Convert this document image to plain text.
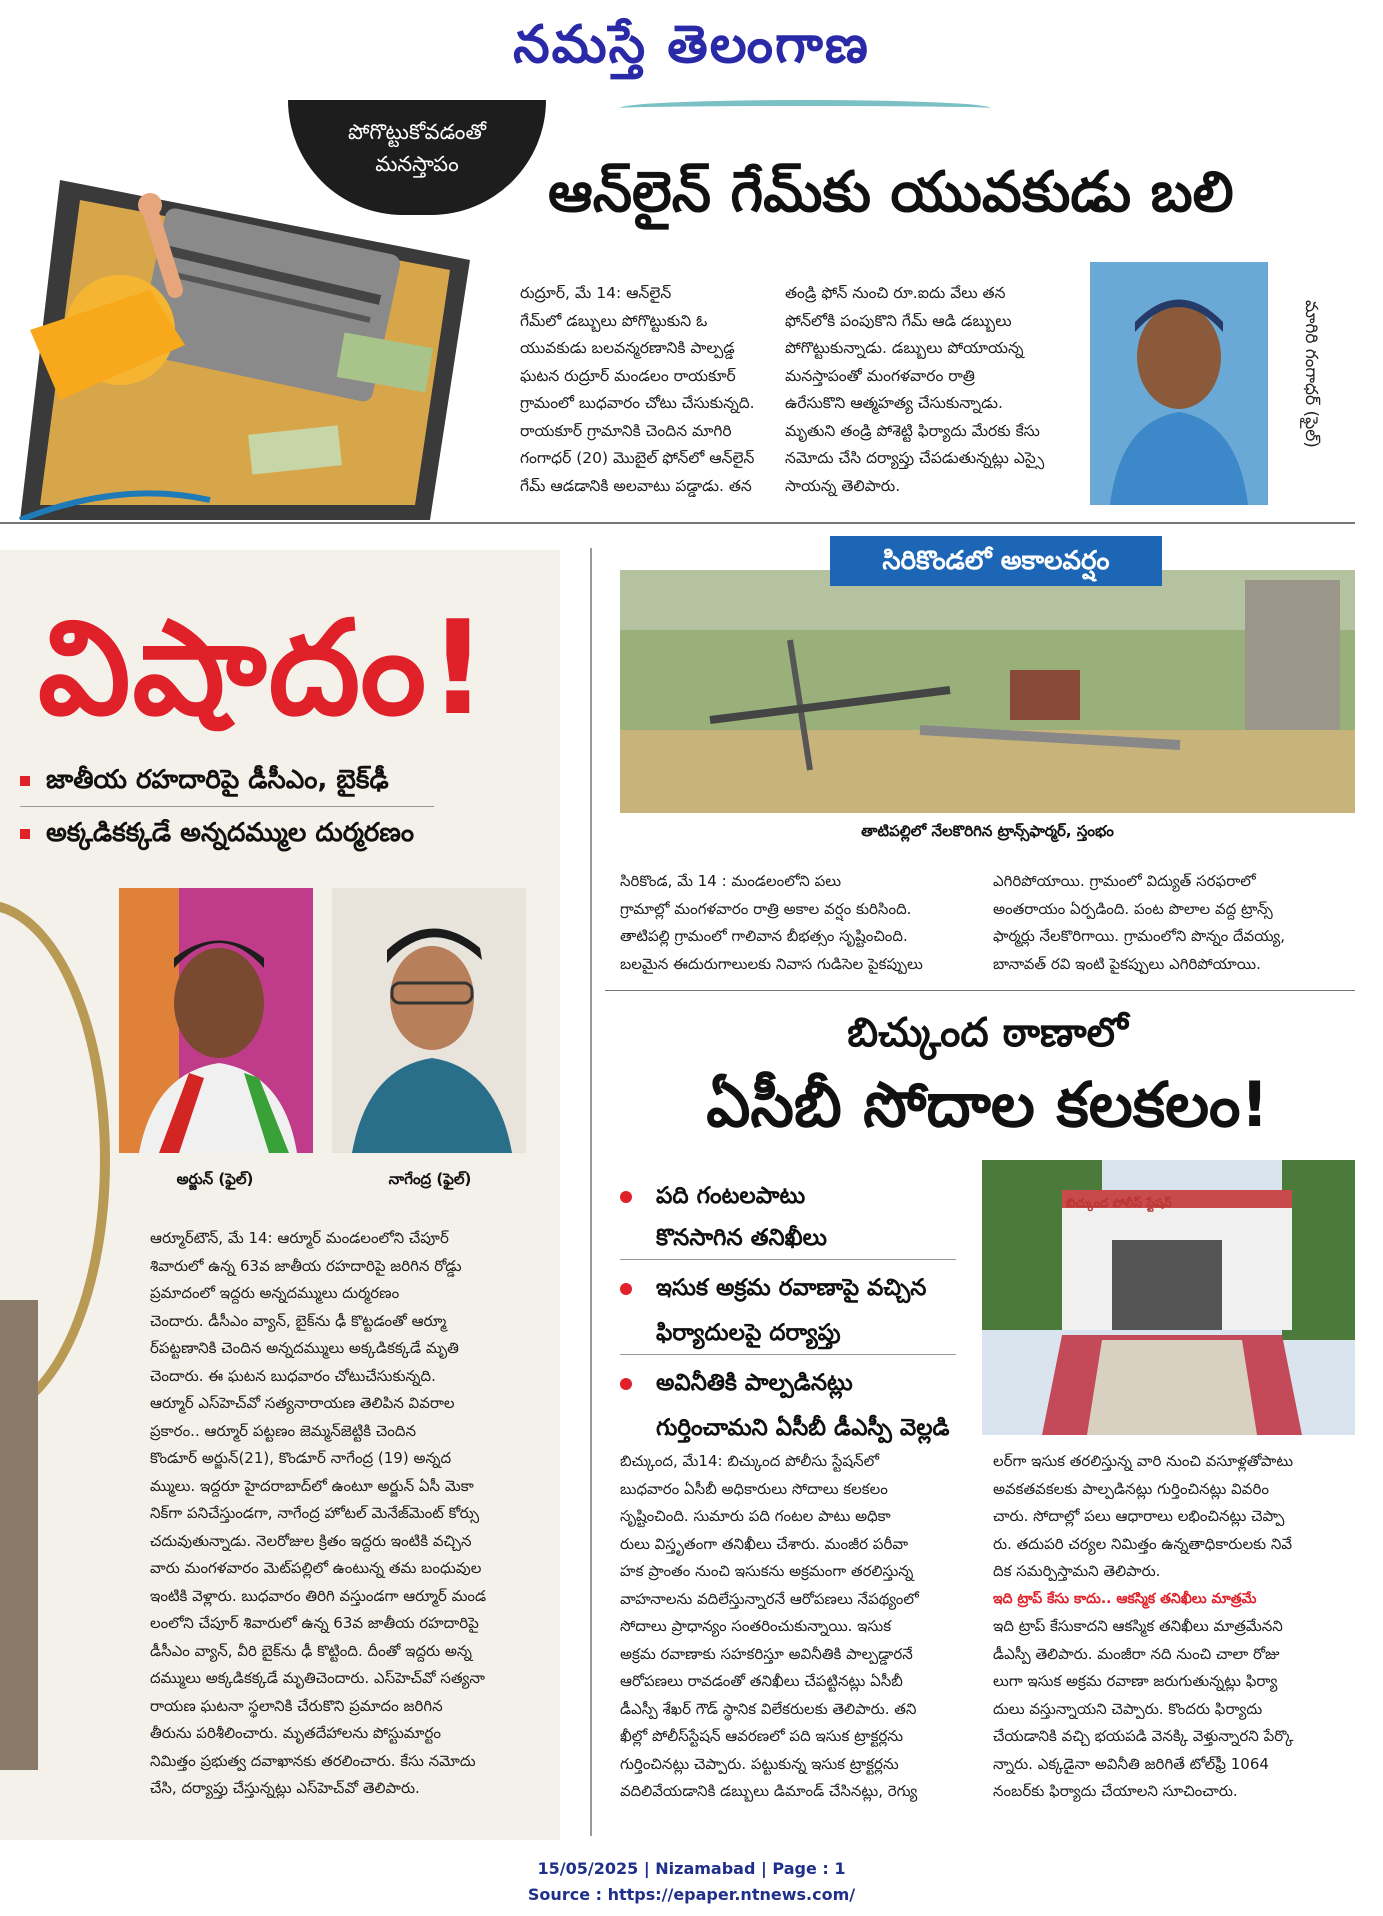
నమస్తే తెలంగాణ
పోగొట్టుకోవడంతో
మనస్తాపం	ఆన్‌లైన్ గేమ్‌కు యువకుడు బలి
రుద్రూర్, మే 14: ఆన్‌లైన్
గేమ్‌లో డబ్బులు పోగొట్టుకుని ఓ
యువకుడు బలవన్మరణానికి పాల్పడ్డ
ఘటన రుద్రూర్ మండలం రాయకూర్
గ్రామంలో బుధవారం చోటు చేసుకున్నది.
రాయకూర్ గ్రామానికి చెందిన మాగిరి
గంగాధర్ (20) మొబైల్ ఫోన్‌లో ఆన్‌లైన్
గేమ్ ఆడడానికి అలవాటు పడ్డాడు. తన
తండ్రి ఫోన్ నుంచి రూ.ఐదు వేలు తన
ఫోన్‌లోకి పంపుకొని గేమ్ ఆడి డబ్బులు
పోగొట్టుకున్నాడు. డబ్బులు పోయాయన్న
మనస్తాపంతో మంగళవారం రాత్రి
ఉరేసుకొని ఆత్మహత్య చేసుకున్నాడు.
మృతుని తండ్రి పోశెట్టి ఫిర్యాదు మేరకు కేసు
నమోదు చేసి దర్యాప్తు చేపడుతున్నట్లు ఎస్సై
సాయన్న తెలిపారు.
మాగిరి గంగాధర్ (ఫైల్)
విషాదం!
జాతీయ రహదారిపై డీసీఎం, బైక్‌ఢీ
అక్కడికక్కడే అన్నదమ్ముల దుర్మరణం
అర్జున్ (ఫైల్)	నాగేంద్ర (ఫైల్)
ఆర్మూర్‌టౌన్, మే 14: ఆర్మూర్ మండలంలోని చేపూర్
శివారులో ఉన్న 63వ జాతీయ రహదారిపై జరిగిన రోడ్డు
ప్రమాదంలో ఇద్దరు అన్నదమ్ములు దుర్మరణం
చెందారు. డీసీఎం వ్యాన్, బైక్‌ను ఢీ కొట్టడంతో ఆర్మూ
ర్‌పట్టణానికి చెందిన అన్నదమ్ములు అక్కడికక్కడే మృతి
చెందారు. ఈ ఘటన బుధవారం చోటుచేసుకున్నది.
ఆర్మూర్ ఎస్‌హెచ్‌వో సత్యనారాయణ తెలిపిన వివరాల
ప్రకారం.. ఆర్మూర్ పట్టణం జెమ్మన్‌జెట్టికి చెందిన
కొండూర్ అర్జున్(21), కొండూర్ నాగేంద్ర (19) అన్నద
మ్ములు. ఇద్దరూ హైదరాబాద్‌లో ఉంటూ అర్జున్ ఏసీ మెకా
నిక్‌గా పనిచేస్తుండగా, నాగేంద్ర హోటల్ మెనేజ్‌మెంట్ కోర్సు
చదువుతున్నాడు. నెలరోజుల క్రితం ఇద్దరు ఇంటికి వచ్చిన
వారు మంగళవారం మెట్‌పల్లిలో ఉంటున్న తమ బంధువుల
ఇంటికి వెళ్లారు. బుధవారం తిరిగి వస్తుండగా ఆర్మూర్ మండ
లంలోని చేపూర్ శివారులో ఉన్న 63వ జాతీయ రహదారిపై
డీసీఎం వ్యాన్, వీరి బైక్‌ను ఢీ కొట్టింది. దీంతో ఇద్దరు అన్న
దమ్ములు అక్కడికక్కడే మృతిచెందారు. ఎస్‌హెచ్‌వో సత్యనా
రాయణ ఘటనా స్థలానికి చేరుకొని ప్రమాదం జరిగిన
తీరును పరిశీలించారు. మృతదేహాలను పోస్టుమార్టం
నిమిత్తం ప్రభుత్వ దవాఖానకు తరలించారు. కేసు నమోదు
చేసి, దర్యాప్తు చేస్తున్నట్లు ఎస్‌హెచ్‌వో తెలిపారు.
సిరికొండలో అకాలవర్షం
తాటిపల్లిలో నేలకొరిగిన ట్రాన్స్‌ఫార్మర్, స్తంభం
సిరికొండ, మే 14 : మండలంలోని పలు
గ్రామాల్లో మంగళవారం రాత్రి అకాల వర్షం కురిసింది.
తాటిపల్లి గ్రామంలో గాలివాన బీభత్సం సృష్టించింది.
బలమైన ఈదురుగాలులకు నివాస గుడిసెల పైకప్పులు
ఎగిరిపోయాయి. గ్రామంలో విద్యుత్ సరఫరాలో
అంతరాయం ఏర్పడింది. పంట పొలాల వద్ద ట్రాన్స్
ఫార్మర్లు నేలకొరిగాయి. గ్రామంలోని పొన్నం దేవయ్య,
బానావత్ రవి ఇంటి పైకప్పులు ఎగిరిపోయాయి.
బిచ్కుంద ఠాణాలో
ఏసీబీ సోదాల కలకలం!
పది గంటలపాటు
కొనసాగిన తనిఖీలు
ఇసుక అక్రమ రవాణాపై వచ్చిన
ఫిర్యాదులపై దర్యాప్తు
అవినీతికి పాల్పడినట్లు
గుర్తించామని ఏసీబీ డీఎస్పీ వెల్లడి
బిచ్కుంద పోలీస్ స్టేషన్
బిచ్కుంద, మే14: బిచ్కుంద పోలీసు స్టేషన్‌లో
బుధవారం ఏసీబీ అధికారులు సోదాలు కలకలం
సృష్టించింది. సుమారు పది గంటల పాటు అధికా
రులు విస్తృతంగా తనిఖీలు చేశారు. మంజీర పరీవా
హక ప్రాంతం నుంచి ఇసుకను అక్రమంగా తరలిస్తున్న
వాహనాలను వదిలేస్తున్నారనే ఆరోపణలు నేపథ్యంలో
సోదాలు ప్రాధాన్యం సంతరించుకున్నాయి. ఇసుక
అక్రమ రవాణాకు సహకరిస్తూ అవినీతికి పాల్పడ్డారనే
ఆరోపణలు రావడంతో తనిఖీలు చేపట్టినట్లు ఏసీబీ
డీఎస్పీ శేఖర్ గౌడ్ స్థానిక విలేకరులకు తెలిపారు. తని
ఖీల్లో పోలీస్‌స్టేషన్ ఆవరణలో పది ఇసుక ట్రాక్టర్లను
గుర్తించినట్లు చెప్పారు. పట్టుకున్న ఇసుక ట్రాక్టర్లను
వదిలివేయడానికి డబ్బులు డిమాండ్ చేసినట్లు, రెగ్యు
లర్‌గా ఇసుక తరలిస్తున్న వారి నుంచి వసూళ్లతోపాటు
అవకతవకలకు పాల్పడినట్లు గుర్తించినట్లు వివరిం
చారు. సోదాల్లో పలు ఆధారాలు లభించినట్లు చెప్పా
రు. తదుపరి చర్యల నిమిత్తం ఉన్నతాధికారులకు నివే
దిక సమర్పిస్తామని తెలిపారు.
ఇది ట్రాప్ కేసు కాదు.. ఆకస్మిక తనిఖీలు మాత్రమే
ఇది ట్రాప్ కేసుకాదని ఆకస్మిక తనిఖీలు మాత్రమేనని
డీఎస్పీ తెలిపారు. మంజీరా నది నుంచి చాలా రోజు
లుగా ఇసుక అక్రమ రవాణా జరుగుతున్నట్లు ఫిర్యా
దులు వస్తున్నాయని చెప్పారు. కొందరు ఫిర్యాదు
చేయడానికి వచ్చి భయపడి వెనక్కి వెళ్తున్నారని పేర్కొ
న్నారు. ఎక్కడైనా అవినీతి జరిగితే టోల్‌ఫ్రీ 1064
నంబర్‌కు ఫిర్యాదు చేయాలని సూచించారు.
15/05/2025 | Nizamabad | Page : 1
Source : https://epaper.ntnews.com/
